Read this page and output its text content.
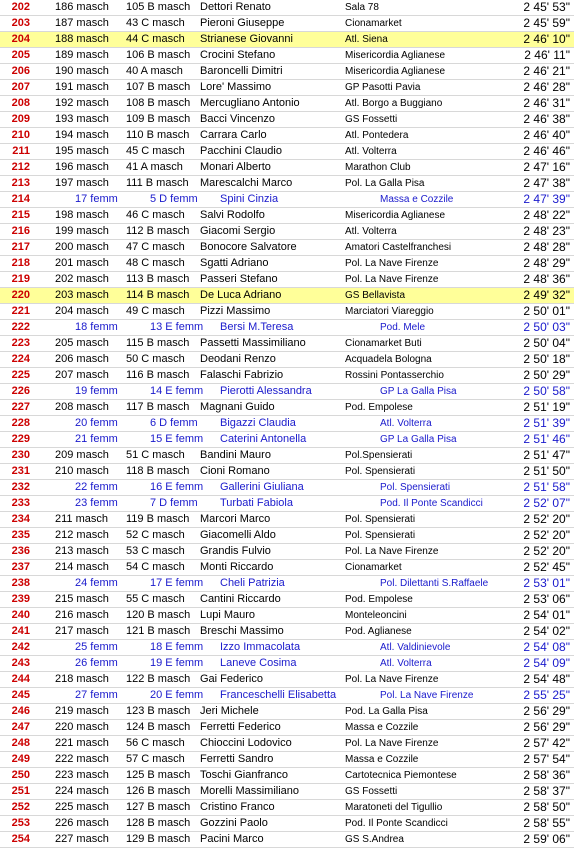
202 186 masch 105 B masch Dettori Renato	Sala 78	2 45' 53"
203 187 masch 43 C masch Pieroni Giuseppe	Cionamarket	2 45' 59"
204 188 masch 44 C masch Strianese Giovanni	Atl. Siena	2 46' 10"
205 189 masch 106 B masch Crocini Stefano	Misericordia Aglianese	2 46' 11"
206 190 masch 40 A masch Baroncelli Dimitri	Misericordia Aglianese	2 46' 21"
207 191 masch 107 B masch Lore' Massimo	GP Pasotti Pavia	2 46' 28"
208 192 masch 108 B masch Mercugliano Antonio	Atl. Borgo a Buggiano	2 46' 31"
209 193 masch 109 B masch Bacci Vincenzo	GS Fossetti	2 46' 38"
210 194 masch 110 B masch Carrara Carlo	Atl. Pontedera	2 46' 40"
211 195 masch 45 C masch Pacchini Claudio	Atl. Volterra	2 46' 46"
212 196 masch 41 A masch Monari Alberto	Marathon Club	2 47' 16"
213 197 masch 111 B masch Marescalchi Marco	Pol. La Galla Pisa	2 47' 38"
214	17 femm	5 D femm Spini Cinzia	Massa e Cozzile	2 47' 39"
215 198 masch 46 C masch Salvi Rodolfo	Misericordia Aglianese	2 48' 22"
216 199 masch 112 B masch Giacomi Sergio	Atl. Volterra	2 48' 23"
217 200 masch 47 C masch Bonocore Salvatore	Amatori Castelfranchesi	2 48' 28"
218 201 masch 48 C masch Sgatti Adriano	Pol. La Nave Firenze	2 48' 29"
219 202 masch 113 B masch Passeri Stefano	Pol. La Nave Firenze	2 48' 36"
220 203 masch 114 B masch De Luca Adriano	GS Bellavista	2 49' 32"
221 204 masch 49 C masch Pizzi Massimo	Marciatori Viareggio	2 50' 01"
222	18 femm	13 E femm Bersi M.Teresa	Pod. Mele	2 50' 03"
223 205 masch 115 B masch Passetti Massimiliano	Cionamarket Buti	2 50' 04"
224 206 masch 50 C masch Deodani Renzo	Acquadela Bologna	2 50' 18"
225 207 masch 116 B masch Falaschi Fabrizio	Rossini Pontasserchio	2 50' 29"
226	19 femm	14 E femm Pierotti Alessandra	GP La Galla Pisa	2 50' 58"
227 208 masch 117 B masch Magnani Guido	Pod. Empolese	2 51' 19"
228	20 femm	6 D femm Bigazzi Claudia	Atl. Volterra	2 51' 39"
229	21 femm	15 E femm Caterini Antonella	GP La Galla Pisa	2 51' 46"
230 209 masch 51 C masch Bandini Mauro	Pol.Spensierati	2 51' 47"
231 210 masch 118 B masch Cioni Romano	Pol. Spensierati	2 51' 50"
232	22 femm	16 E femm Gallerini Giuliana	Pol. Spensierati	2 51' 58"
233	23 femm	7 D femm Turbati Fabiola	Pod. Il Ponte Scandicci	2 52' 07"
234 211 masch 119 B masch Marcori Marco	Pol. Spensierati	2 52' 20"
235 212 masch 52 C masch Giacomelli Aldo	Pol. Spensierati	2 52' 20"
236 213 masch 53 C masch Grandis Fulvio	Pol. La Nave Firenze	2 52' 20"
237 214 masch 54 C masch Monti Riccardo	Cionamarket	2 52' 45"
238	24 femm	17 E femm Cheli Patrizia	Pol. Dilettanti S.Raffaele	2 53' 01"
239 215 masch 55 C masch Cantini Riccardo	Pod. Empolese	2 53' 06"
240 216 masch 120 B masch Lupi Mauro	Monteleoncini	2 54' 01"
241 217 masch 121 B masch Breschi Massimo	Pod. Aglianese	2 54' 02"
242	25 femm	18 E femm Izzo Immacolata	Atl. Valdinievole	2 54' 08"
243	26 femm	19 E femm Laneve Cosima	Atl. Volterra	2 54' 09"
244 218 masch 122 B masch Gai Federico	Pol. La Nave Firenze	2 54' 48"
245	27 femm	20 E femm Franceschelli Elisabetta	Pol. La Nave Firenze	2 55' 25"
246 219 masch 123 B masch Jeri Michele	Pod. La Galla Pisa	2 56' 29"
247 220 masch 124 B masch Ferretti Federico	Massa e Cozzile	2 56' 29"
248 221 masch 56 C masch Chioccini Lodovico	Pol. La Nave Firenze	2 57' 42"
249 222 masch 57 C masch Ferretti Sandro	Massa e Cozzile	2 57' 54"
250 223 masch 125 B masch Toschi Gianfranco	Cartotecnica Piemontese	2 58' 36"
251 224 masch 126 B masch Morelli Massimiliano	GS Fossetti	2 58' 37"
252 225 masch 127 B masch Cristino Franco	Maratoneti del Tigullio	2 58' 50"
253 226 masch 128 B masch Gozzini Paolo	Pod. Il Ponte Scandicci	2 58' 55"
254 227 masch 129 B masch Pacini Marco	GS S.Andrea	2 59' 06"
